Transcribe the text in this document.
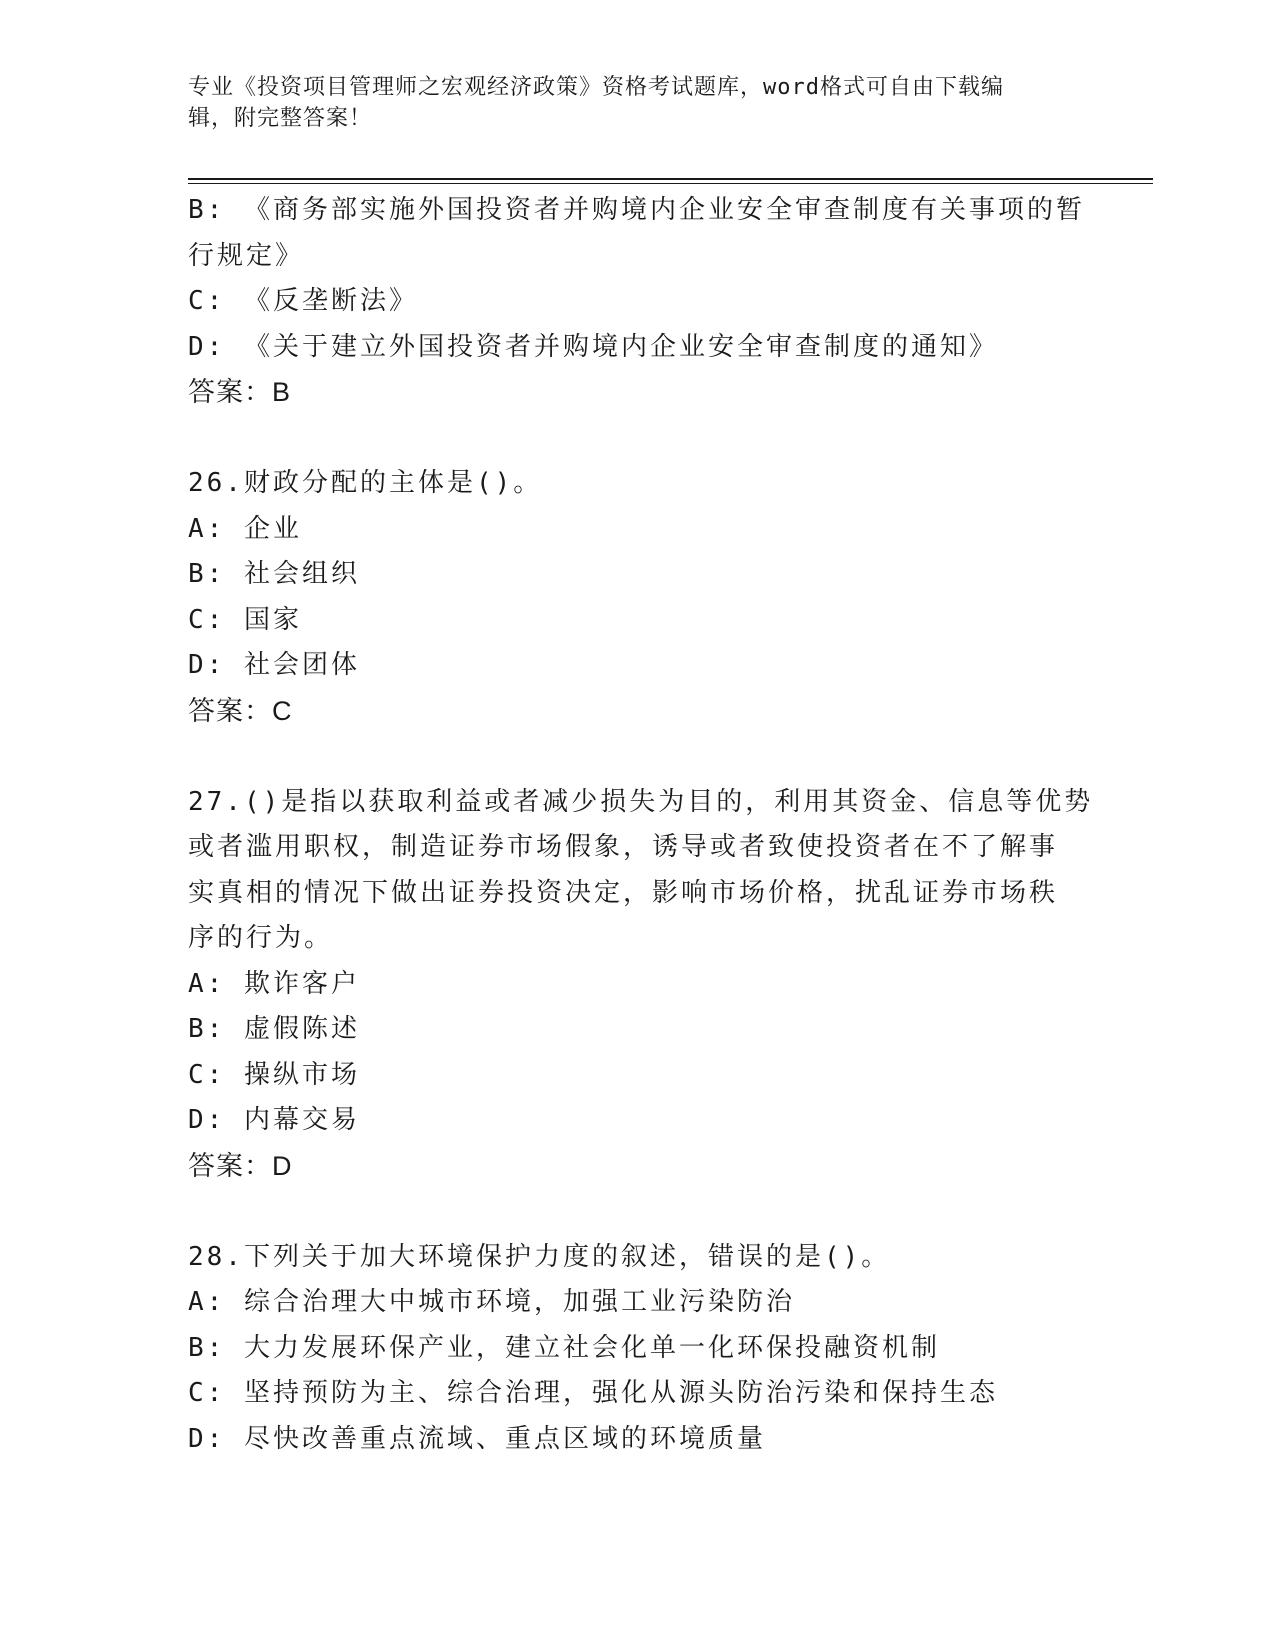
专业《投资项目管理师之宏观经济政策》资格考试题库，word格式可自由下载编
辑，附完整答案！
B: 《商务部实施外国投资者并购境内企业安全审查制度有关事项的暂
行规定》
C: 《反垄断法》
D: 《关于建立外国投资者并购境内企业安全审查制度的通知》
答案：B
26.财政分配的主体是()。
A: 企业
B: 社会组织
C: 国家
D: 社会团体
答案：C
27.()是指以获取利益或者减少损失为目的，利用其资金、信息等优势
或者滥用职权，制造证券市场假象，诱导或者致使投资者在不了解事
实真相的情况下做出证券投资决定，影响市场价格，扰乱证券市场秩
序的行为。
A: 欺诈客户
B: 虚假陈述
C: 操纵市场
D: 内幕交易
答案：D
28.下列关于加大环境保护力度的叙述，错误的是()。
A: 综合治理大中城市环境，加强工业污染防治
B: 大力发展环保产业，建立社会化单一化环保投融资机制
C: 坚持预防为主、综合治理，强化从源头防治污染和保持生态
D: 尽快改善重点流域、重点区域的环境质量
